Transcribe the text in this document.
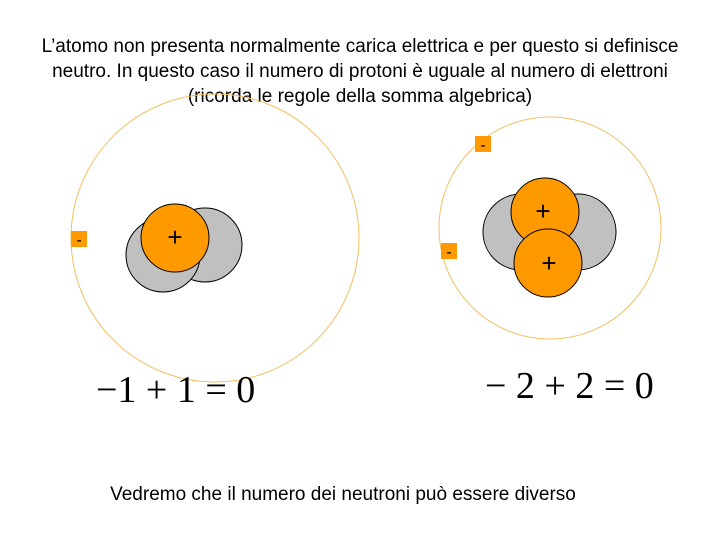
L’atomo non presenta normalmente carica elettrica e per questo si definisce
neutro. In questo caso il numero di protoni è uguale al numero di elettroni
(ricorda le regole della somma algebrica)
+
-
+
+
-
-
−1 + 1 = 0	− 2 + 2 = 0
Vedremo che il numero dei neutroni può essere diverso
